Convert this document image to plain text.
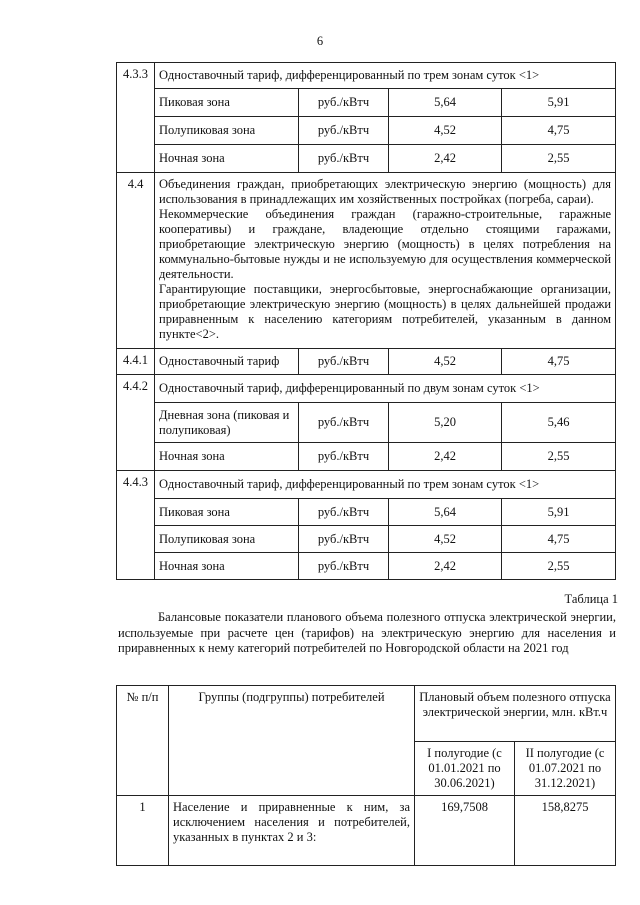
6
4.3.3	Одноставочный тариф, дифференцированный по трем зонам суток <1>			
	Пиковая зона	руб./кВтч	5,64	5,91
	Полупиковая зона	руб./кВтч	4,52	4,75
	Ночная зона	руб./кВтч	2,42	2,55
4.4	Объединения граждан, приобретающих электрическую энергию (мощность) для использования в принадлежащих им хозяйственных постройках (погреба, сараи).

Некоммерческие объединения граждан (гаражно-строительные, гаражные кооперативы) и граждане, владеющие отдельно стоящими гаражами, приобретающие электрическую энергию (мощность) в целях потребления на коммунально-бытовые нужды и не используемую для осуществления коммерческой деятельности.

Гарантирующие поставщики, энергосбытовые, энергоснабжающие организации, приобретающие электрическую энергию (мощность) в целях дальнейшей продажи приравненным к населению категориям потребителей, указанным в данном пункте<2>.			

4.4.1	Одноставочный тариф	руб./кВтч	4,52	4,75
4.4.2	Одноставочный тариф, дифференцированный по двум зонам суток <1>			
	Дневная зона (пиковая и полупиковая)	руб./кВтч	5,20	5,46
	Ночная зона	руб./кВтч	2,42	2,55
4.4.3	Одноставочный тариф, дифференцированный по трем зонам суток <1>			
	Пиковая зона	руб./кВтч	5,64	5,91
	Полупиковая зона	руб./кВтч	4,52	4,75
	Ночная зона	руб./кВтч	2,42	2,55
Таблица 1
Балансовые показатели планового объема полезного отпуска электрической энергии, используемые при расчете цен (тарифов) на электрическую энергию для населения и приравненных к нему категорий потребителей по Новгородской области на 2021 год
№ п/п	Группы (подгруппы) потребителей	Плановый объем полезного отпуска электрической энергии, млн. кВт.ч	
		I полугодие (с 01.01.2021 по 30.06.2021)	II полугодие (с 01.07.2021 по 31.12.2021)
1	Население и приравненные к ним, за исключением населения и потребителей, указанных в пунктах 2 и 3:	169,7508	158,8275
